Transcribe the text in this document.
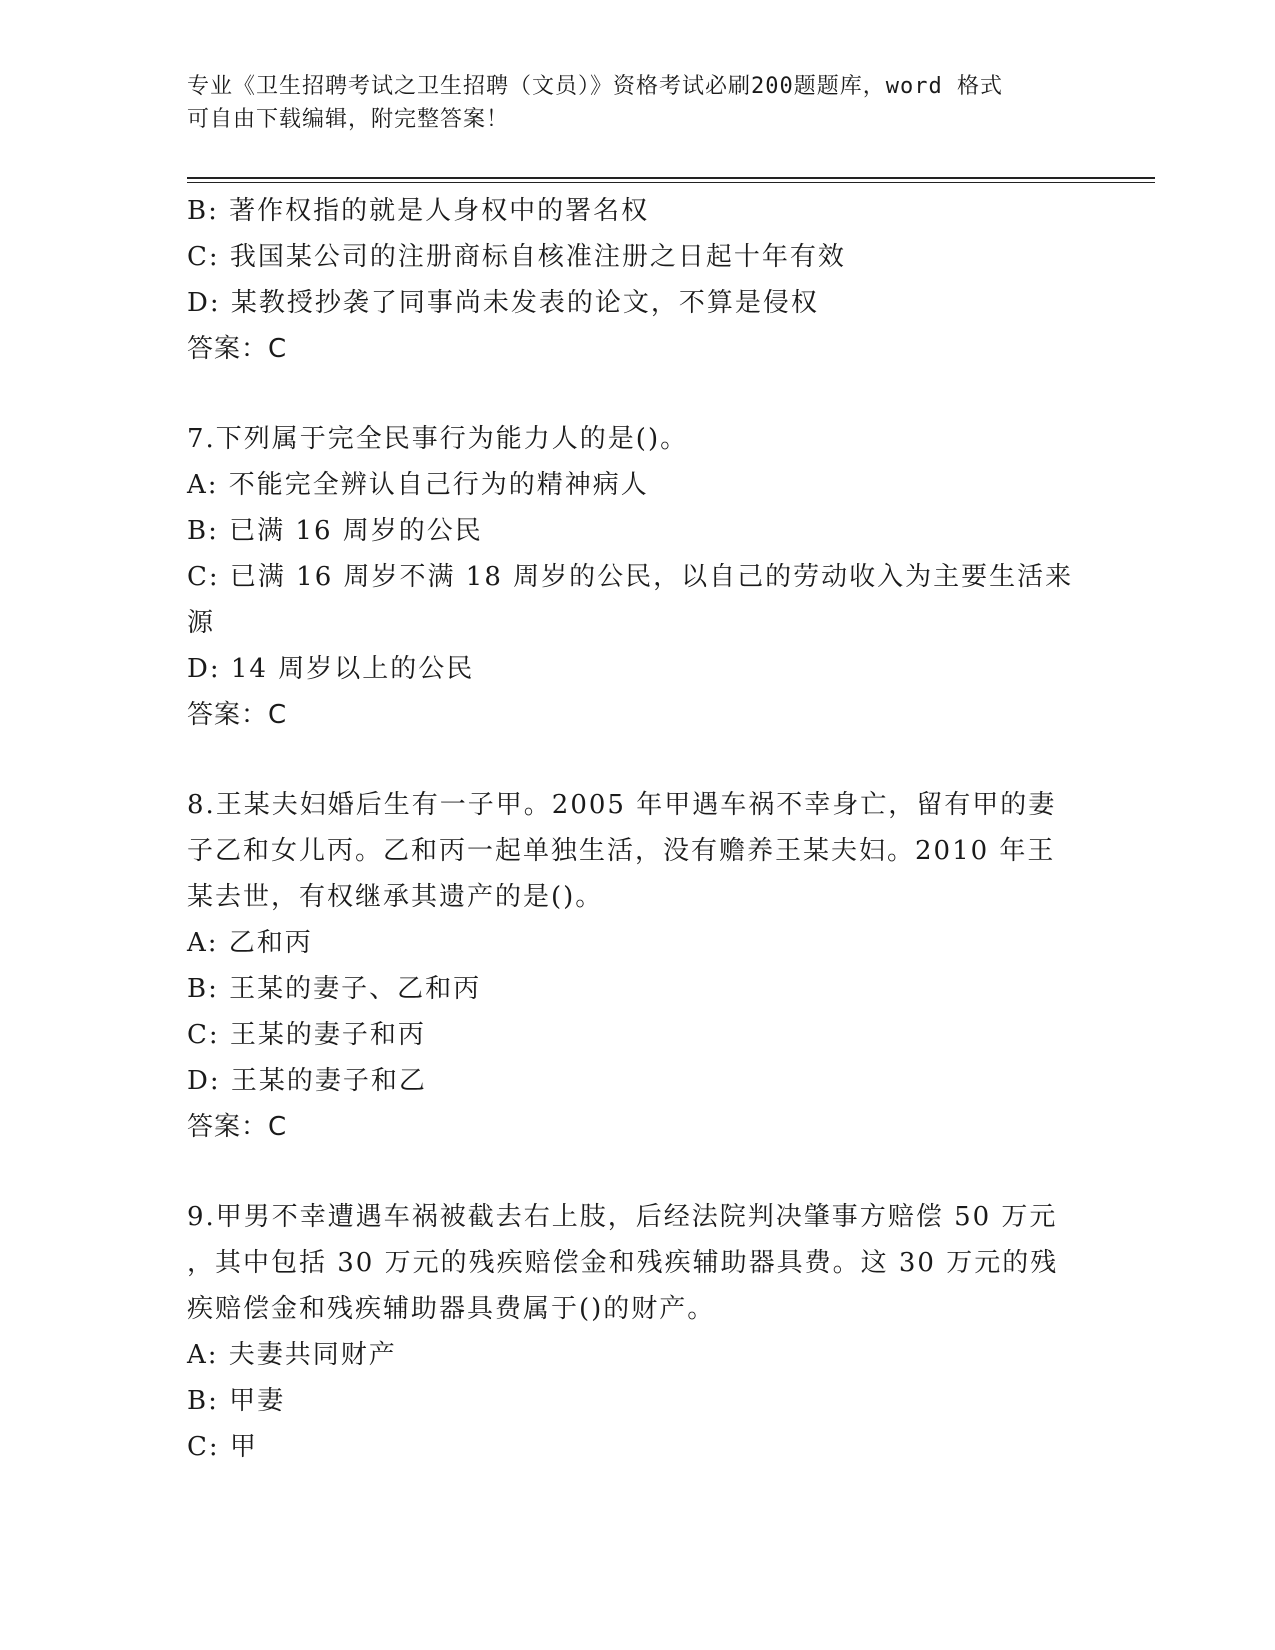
专业《卫生招聘考试之卫生招聘（文员）》资格考试必刷200题题库，word 格式
可自由下载编辑，附完整答案！
B: 著作权指的就是人身权中的署名权
C: 我国某公司的注册商标自核准注册之日起十年有效
D: 某教授抄袭了同事尚未发表的论文，不算是侵权
答案：C
7.下列属于完全民事行为能力人的是()。
A: 不能完全辨认自己行为的精神病人
B: 已满 16 周岁的公民
C: 已满 16 周岁不满 18 周岁的公民，以自己的劳动收入为主要生活来
源
D: 14 周岁以上的公民
答案：C
8.王某夫妇婚后生有一子甲。2005 年甲遇车祸不幸身亡，留有甲的妻
子乙和女儿丙。乙和丙一起单独生活，没有赡养王某夫妇。2010 年王
某去世，有权继承其遗产的是()。
A: 乙和丙
B: 王某的妻子、乙和丙
C: 王某的妻子和丙
D: 王某的妻子和乙
答案：C
9.甲男不幸遭遇车祸被截去右上肢，后经法院判决肇事方赔偿 50 万元
，其中包括 30 万元的残疾赔偿金和残疾辅助器具费。这 30 万元的残
疾赔偿金和残疾辅助器具费属于()的财产。
A: 夫妻共同财产
B: 甲妻
C: 甲
